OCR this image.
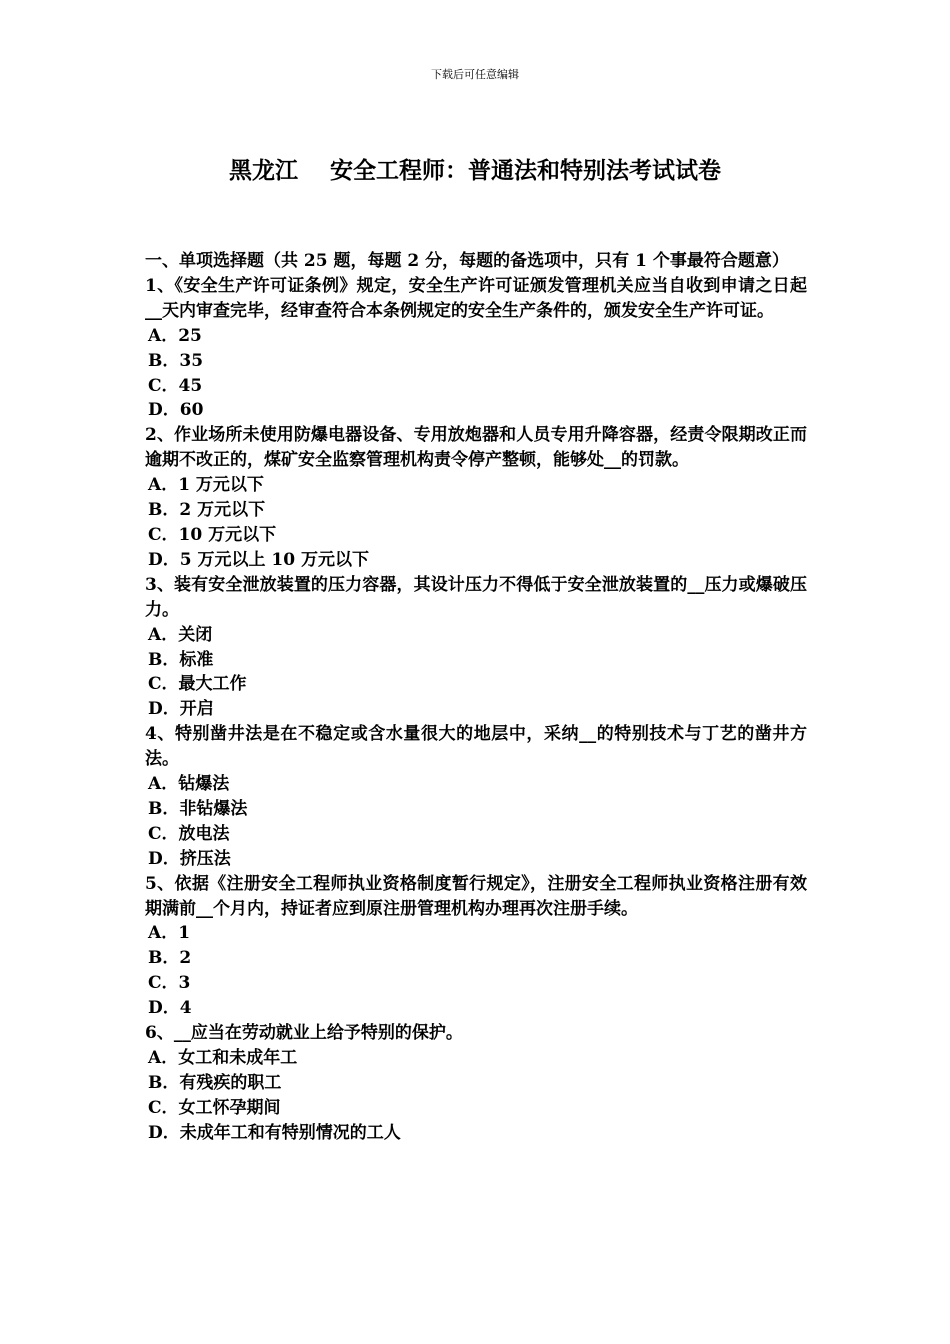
下载后可任意编辑
黑龙江    安全工程师：普通法和特别法考试试卷

一、单项选择题（共 25 题，每题 2 分，每题的备选项中，只有 1 个事最符合题意）

1、《安全生产许可证条例》规定，安全生产许可证颁发管理机关应当自收到申请之日起__天内审查完毕，经审查符合本条例规定的安全生产条件的，颁发安全生产许可证。

A．25

B．35

C．45

D．60

2、作业场所未使用防爆电器设备、专用放炮器和人员专用升降容器，经责令限期改正而逾期不改正的，煤矿安全监察管理机构责令停产整顿，能够处__的罚款。

A．1 万元以下

B．2 万元以下

C．10 万元以下

D．5 万元以上 10 万元以下

3、装有安全泄放装置的压力容器，其设计压力不得低于安全泄放装置的__压力或爆破压力。

A．关闭

B．标准

C．最大工作

D．开启

4、特别凿井法是在不稳定或含水量很大的地层中，采纳__的特别技术与丁艺的凿井方法。

A．钻爆法

B．非钻爆法

C．放电法

D．挤压法

5、依据《注册安全工程师执业资格制度暂行规定》，注册安全工程师执业资格注册有效期满前__个月内，持证者应到原注册管理机构办理再次注册手续。

A．1

B．2

C．3

D．4

6、__应当在劳动就业上给予特别的保护。

A．女工和未成年工

B．有残疾的职工

C．女工怀孕期间

D．未成年工和有特别情况的工人
